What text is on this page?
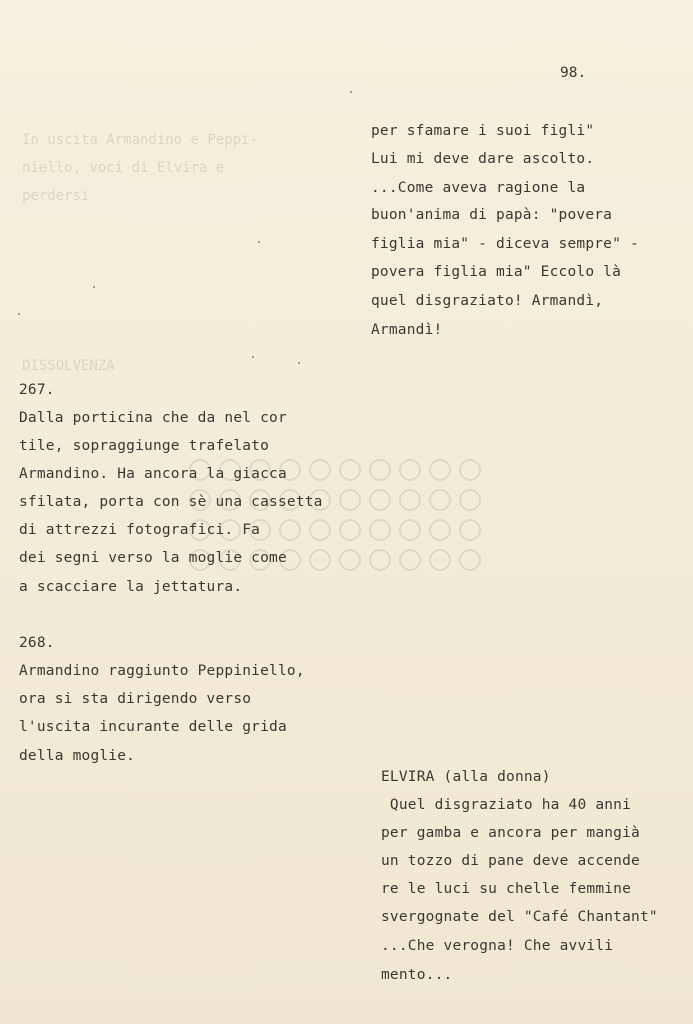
98.
In uscita Armandino e Peppi-
niello, voci di Elvira e
perdersi
DISSOLVENZA
per sfamare i suoi figli"
Lui mi deve dare ascolto.
...Come aveva ragione la
buon'anima di papà: "povera
figlia mia" - diceva sempre" -
povera figlia mia" Eccolo là
quel disgraziato! Armandì,
Armandì!
267.
Dalla porticina che da nel cor
tile, sopraggiunge trafelato
Armandino. Ha ancora la giacca
sfilata, porta con sè una cassetta
di attrezzi fotografici. Fa
dei segni verso la moglie come
a scacciare la jettatura.
268.
Armandino raggiunto Peppiniello,
ora si sta dirigendo verso
l'uscita incurante delle grida
della moglie.
ELVIRA (alla donna)
Quel disgraziato ha 40 anni
per gamba e ancora per mangià
un tozzo di pane deve accende
re le luci su chelle femmine
svergognate del "Café Chantant"
...Che verogna! Che avvili
mento...
